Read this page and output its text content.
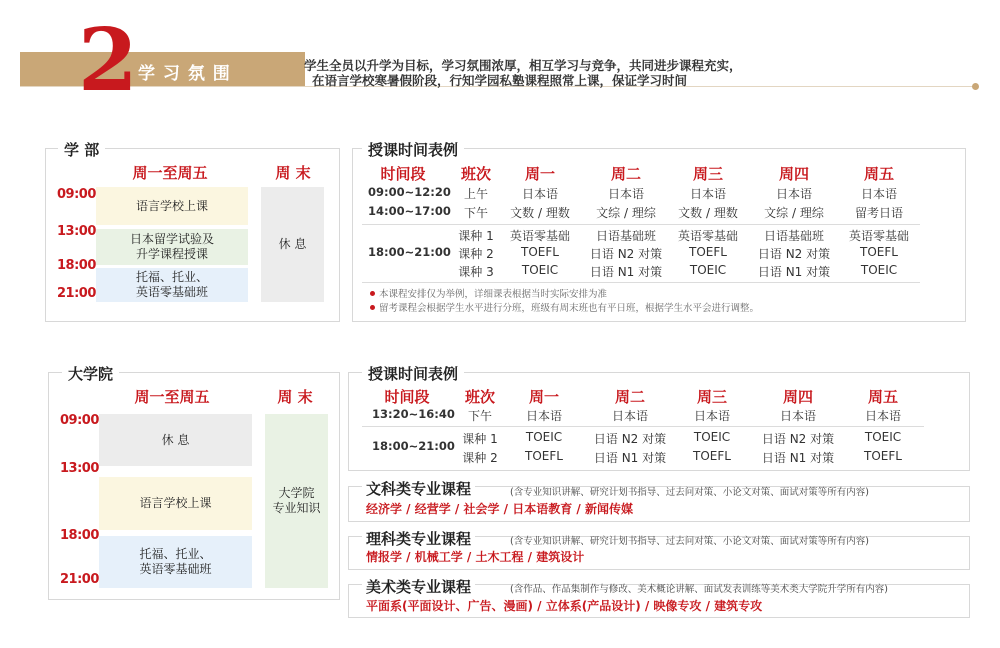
2 学 习 氛 围	学生全员以升学为目标，学习氛围浓厚，相互学习与竞争，共同进步课程充实，
在语言学校寒暑假阶段，行知学园私塾课程照常上课，保证学习时间
学 部
周一至周五	周 末
09:00
13:00
18:00
21:00
语言学校上课
日本留学试验及
升学课程授课
托福、托业、
英语零基础班
休 息
授课时间表例
时间段	班次	周一	周二	周三	周四	周五
09:00~12:20	上午	日本语	日本语	日本语	日本语	日本语
14:00~17:00	下午	文数 / 理数	文综 / 理综	文数 / 理数	文综 / 理综	留考日语
18:00~21:00
课种 1	英语零基础	日语基础班	英语零基础	日语基础班	英语零基础
课种 2	TOEFL	日语 N2 对策	TOEFL	日语 N2 对策	TOEFL
课种 3	TOEIC	日语 N1 对策	TOEIC	日语 N1 对策	TOEIC
本课程安排仅为举例，详细课表根据当时实际安排为准
留考课程会根据学生水平进行分班，班级有周末班也有平日班，根据学生水平会进行调整。
大学院
周一至周五	周 末
09:00
13:00
18:00
21:00
休 息
语言学校上课
托福、托业、
英语零基础班
大学院
专业知识
授课时间表例
时间段	班次	周一	周二	周三	周四	周五
13:20~16:40	下午	日本语	日本语	日本语	日本语	日本语
18:00~21:00 课种 1	TOEIC	日语 N2 对策	TOEIC	日语 N2 对策	TOEIC
课种 2	TOEFL	日语 N1 对策	TOEFL	日语 N1 对策	TOEFL
文科类专业课程	(含专业知识讲解、研究计划书指导、过去问对策、小论文对策、面试对策等所有内容)
经济学 / 经营学 / 社会学 / 日本语教育 / 新闻传媒
理科类专业课程	(含专业知识讲解、研究计划书指导、过去问对策、小论文对策、面试对策等所有内容)
情报学 / 机械工学 / 土木工程 / 建筑设计
美术类专业课程	(含作品、作品集制作与修改、美术概论讲解、面试发表训练等美术类大学院升学所有内容)
平面系(平面设计、广告、漫画) / 立体系(产品设计) / 映像专攻 / 建筑专攻
